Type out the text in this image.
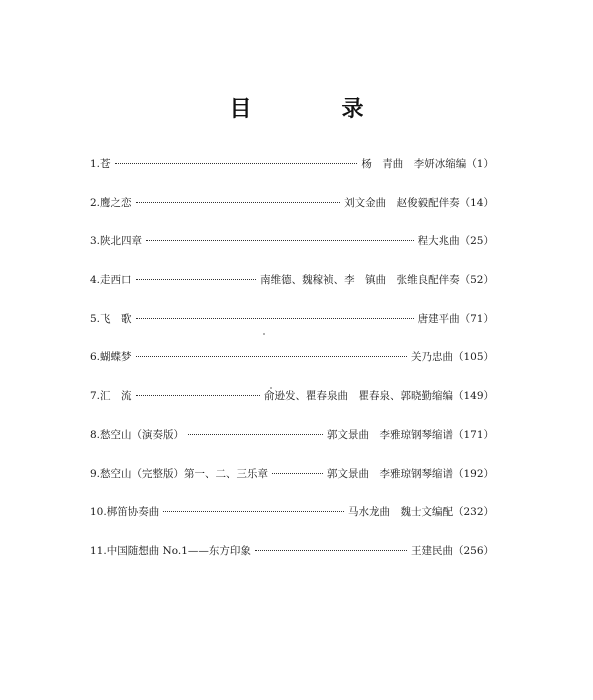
目　录
1. 苍	杨　青曲　李妍冰缩编 （1）
2. 鹰之恋	刘文金曲　赵俊毅配伴奏 （14）
3. 陕北四章	程大兆曲 （25）
4. 走西口	南维德、魏稼祯、李　镇曲　张维良配伴奏 （52）
5. 飞　歌	唐建平曲 （71）
6. 蝴蝶梦	关乃忠曲 （105）
7. 汇　流	俞逊发、瞿春泉曲　瞿春泉、郭晓勤缩编 （149）
8. 愁空山（演奏版）	郭文景曲　李雅琼钢琴缩谱 （171）
9. 愁空山（完整版）第一、二、三乐章	郭文景曲　李雅琼钢琴缩谱 （192）
10. 梆笛协奏曲	马水龙曲　魏士文编配 （232）
11. 中国随想曲 No.1——东方印象	王建民曲 （256）
